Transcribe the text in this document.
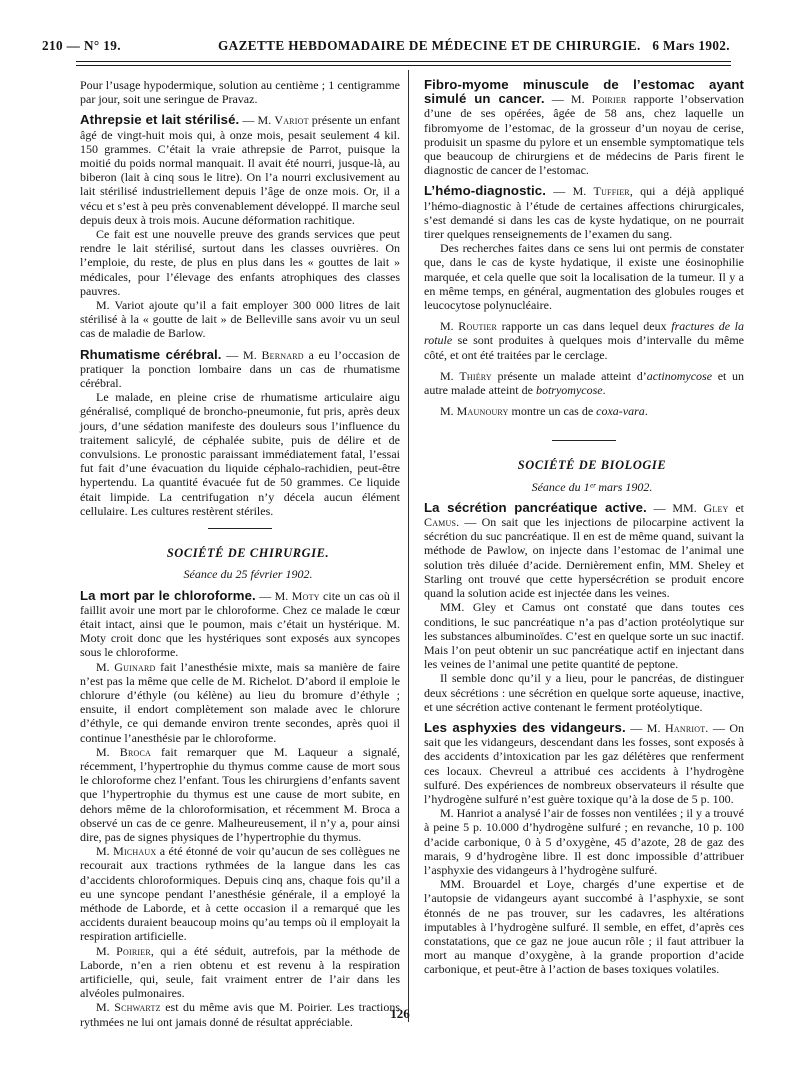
210 — N° 19.	GAZETTE HEBDOMADAIRE DE MÉDECINE ET DE CHIRURGIE. 6 Mars 1902.

Pour l’usage hypodermique, solution au centième ; 1 centigramme par jour, soit une seringue de Pravaz.

Athrepsie et lait stérilisé. — M. Variot présente un enfant âgé de vingt-huit mois qui, à onze mois, pesait seulement 4 kil. 150 grammes. C’était la vraie athrepsie de Parrot, puisque la moitié du poids normal manquait. Il avait été nourri, jusque-là, au biberon (lait à cinq sous le litre). On l’a nourri exclusivement au lait stérilisé industriellement depuis l’âge de onze mois. Or, il a vécu et s’est à peu près convenablement développé. Il marche seul depuis deux à trois mois. Aucune déformation rachitique.

Ce fait est une nouvelle preuve des grands services que peut rendre le lait stérilisé, surtout dans les classes ouvrières. On l’emploie, du reste, de plus en plus dans les « gouttes de lait » médicales, pour l’élevage des enfants atrophiques des classes pauvres.

M. Variot ajoute qu’il a fait employer 300 000 litres de lait stérilisé à la « goutte de lait » de Belleville sans avoir vu un seul cas de maladie de Barlow.

Rhumatisme cérébral. — M. Bernard a eu l’occasion de pratiquer la ponction lombaire dans un cas de rhumatisme cérébral.

Le malade, en pleine crise de rhumatisme articulaire aigu généralisé, compliqué de broncho-pneumonie, fut pris, après deux jours, d’une sédation manifeste des douleurs sous l’influence du traitement salicylé, de céphalée subite, puis de délire et de convulsions. Le pronostic paraissant immédiatement fatal, l’essai fut fait d’une évacuation du liquide céphalo-rachidien, peut-être hypertendu. La quantité évacuée fut de 50 grammes. Ce liquide était limpide. La centrifugation n’y décela aucun élément cellulaire. Les cultures restèrent stériles.

SOCIÉTÉ DE CHIRURGIE.

Séance du 25 février 1902.

La mort par le chloroforme. — M. Moty cite un cas où il faillit avoir une mort par le chloroforme. Chez ce malade le cœur était intact, ainsi que le poumon, mais c’était un hystérique. M. Moty croit donc que les hystériques sont exposés aux syncopes sous le chloroforme.

M. Guinard fait l’anesthésie mixte, mais sa manière de faire n’est pas la même que celle de M. Richelot. D’abord il emploie le chlorure d’éthyle (ou kélène) au lieu du bromure d’éthyle ; ensuite, il endort complètement son malade avec le chlorure d’éthyle, ce qui demande environ trente secondes, après quoi il continue l’anesthésie par le chloroforme.

M. Broca fait remarquer que M. Laqueur a signalé, récemment, l’hypertrophie du thymus comme cause de mort sous le chloroforme chez l’enfant. Tous les chirurgiens d’enfants savent que l’hypertrophie du thymus est une cause de mort subite, en dehors même de la chloroformisation, et récemment M. Broca a observé un cas de ce genre. Malheureusement, il n’y a, pour ainsi dire, pas de signes physiques de l’hypertrophie du thymus.

M. Michaux a été étonné de voir qu’aucun de ses collègues ne recourait aux tractions rythmées de la langue dans les cas d’accidents chloroformiques. Depuis cinq ans, chaque fois qu’il a eu une syncope pendant l’anesthésie générale, il a employé la méthode de Laborde, et à cette occasion il a remarqué que les accidents duraient beaucoup moins qu’au temps où il employait la respiration artificielle.

M. Poirier, qui a été séduit, autrefois, par la méthode de Laborde, n’en a rien obtenu et est revenu à la respiration artificielle, qui, seule, fait vraiment entrer de l’air dans les alvéoles pulmonaires.

M. Schwartz est du même avis que M. Poirier. Les tractions rythmées ne lui ont jamais donné de résultat appréciable.

Fibro-myome minuscule de l’estomac ayant simulé un cancer. — M. Poirier rapporte l’observation d’une de ses opérées, âgée de 58 ans, chez laquelle un fibromyome de l’estomac, de la grosseur d’un noyau de cerise, produisit un spasme du pylore et un ensemble symptomatique tels que beaucoup de chirurgiens et de médecins de Paris firent le diagnostic de cancer de l’estomac.

L’hémo-diagnostic. — M. Tuffier, qui a déjà appliqué l’hémo-diagnostic à l’étude de certaines affections chirurgicales, s’est demandé si dans les cas de kyste hydatique, on ne pourrait tirer quelques renseignements de l’examen du sang.

Des recherches faites dans ce sens lui ont permis de constater que, dans le cas de kyste hydatique, il existe une éosinophilie marquée, et cela quelle que soit la localisation de la tumeur. Il y a en même temps, en général, augmentation des globules rouges et leucocytose polynucléaire.

M. Routier rapporte un cas dans lequel deux fractures de la rotule se sont produites à quelques mois d’intervalle du même côté, et ont été traitées par le cerclage.

M. Thiéry présente un malade atteint d’actinomycose et un autre malade atteint de botryomycose.

M. Maunoury montre un cas de coxa-vara.

SOCIÉTÉ DE BIOLOGIE

Séance du 1ᵉʳ mars 1902.

La sécrétion pancréatique active. — MM. Gley et Camus. — On sait que les injections de pilocarpine activent la sécrétion du suc pancréatique. Il en est de même quand, suivant la méthode de Pawlow, on injecte dans l’estomac de l’animal une solution très diluée d’acide. Dernièrement enfin, MM. Sheley et Starling ont trouvé que cette hypersécrétion se produit encore quand la solution acide est injectée dans les veines.

MM. Gley et Camus ont constaté que dans toutes ces conditions, le suc pancréatique n’a pas d’action protéolytique sur les substances albuminoïdes. C’est en quelque sorte un suc inactif. Mais l’on peut obtenir un suc pancréatique actif en injectant dans les veines de l’animal une petite quantité de peptone.

Il semble donc qu’il y a lieu, pour le pancréas, de distinguer deux sécrétions : une sécrétion en quelque sorte aqueuse, inactive, et une sécrétion active contenant le ferment protéolytique.

Les asphyxies des vidangeurs. — M. Hanriot. — On sait que les vidangeurs, descendant dans les fosses, sont exposés à des accidents d’intoxication par les gaz délétères que renferment ces locaux. Chevreul a attribué ces accidents à l’hydrogène sulfuré. Des expériences de nombreux observateurs il résulte que l’hydrogène sulfuré n’est guère toxique qu’à la dose de 5 p. 100.

M. Hanriot a analysé l’air de fosses non ventilées ; il y a trouvé à peine 5 p. 10.000 d’hydrogène sulfuré ; en revanche, 10 p. 100 d’acide carbonique, 0 à 5 d’oxygène, 45 d’azote, 28 de gaz des marais, 9 d’hydrogène libre. Il est donc impossible d’attribuer l’asphyxie des vidangeurs à l’hydrogène sulfuré.

MM. Brouardel et Loye, chargés d’une expertise et de l’autopsie de vidangeurs ayant succombé à l’asphyxie, se sont étonnés de ne pas trouver, sur les cadavres, les altérations imputables à l’hydrogène sulfuré. Il semble, en effet, d’après ces constatations, que ce gaz ne joue aucun rôle ; il faut attribuer la mort au manque d’oxygène, à la grande proportion d’acide carbonique, et peut-être à l’action de bases toxiques volatiles.

126
